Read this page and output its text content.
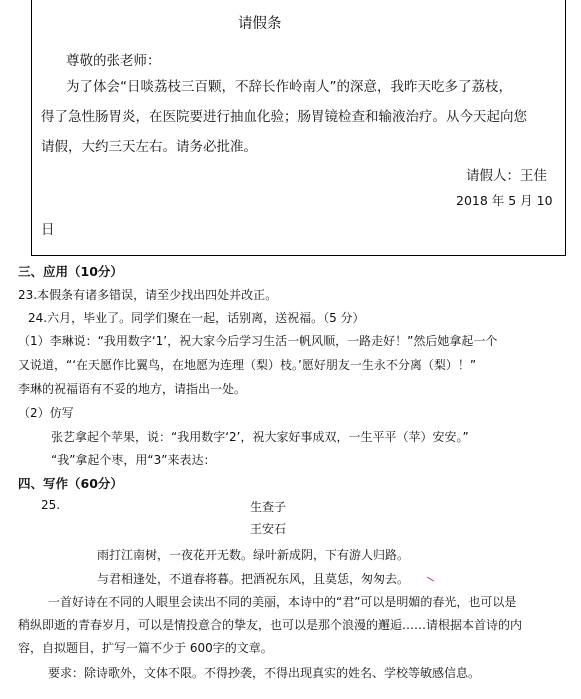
请假条
尊敬的张老师：
为了体会“日啖荔枝三百颗，不辞长作岭南人”的深意，我昨天吃多了荔枝，
得了急性肠胃炎，在医院要进行抽血化验；肠胃镜检查和输液治疗。从今天起向您
请假，大约三天左右。请务必批准。
请假人：王佳
2018 年 5 月 10
日
三、应用（10分）
23.本假条有诸多错误，请至少找出四处并改正。
24.六月，毕业了。同学们聚在一起，话别离，送祝福。（5 分）
（1）李琳说：“我用数字‘1’，祝大家今后学习生活一帆风顺，一路走好！”然后她拿起一个
又说道，“‘在天愿作比翼鸟，在地愿为连理（梨）枝。’愿好朋友一生永不分离（梨）！”
李琳的祝福语有不妥的地方，请指出一处。
（2）仿写
张艺拿起个苹果，说：“我用数字‘2’，祝大家好事成双，一生平平（苹）安安。”
“我”拿起个枣，用“3”来表达：
四、写作（60分）
25.	生查子
王安石
雨打江南树，一夜花开无数。绿叶新成阴，下有游人归路。
与君相逢处，不道春将暮。把酒祝东风，且莫恁，匆匆去。
一首好诗在不同的人眼里会读出不同的美丽，本诗中的“君”可以是明媚的春光，也可以是
稍纵即逝的青春岁月，可以是情投意合的挚友，也可以是那个浪漫的邂逅……请根据本首诗的内
容，自拟题目，扩写一篇不少于 600字的文章。
要求：除诗歌外，文体不限。不得抄袭，不得出现真实的姓名、学校等敏感信息。
